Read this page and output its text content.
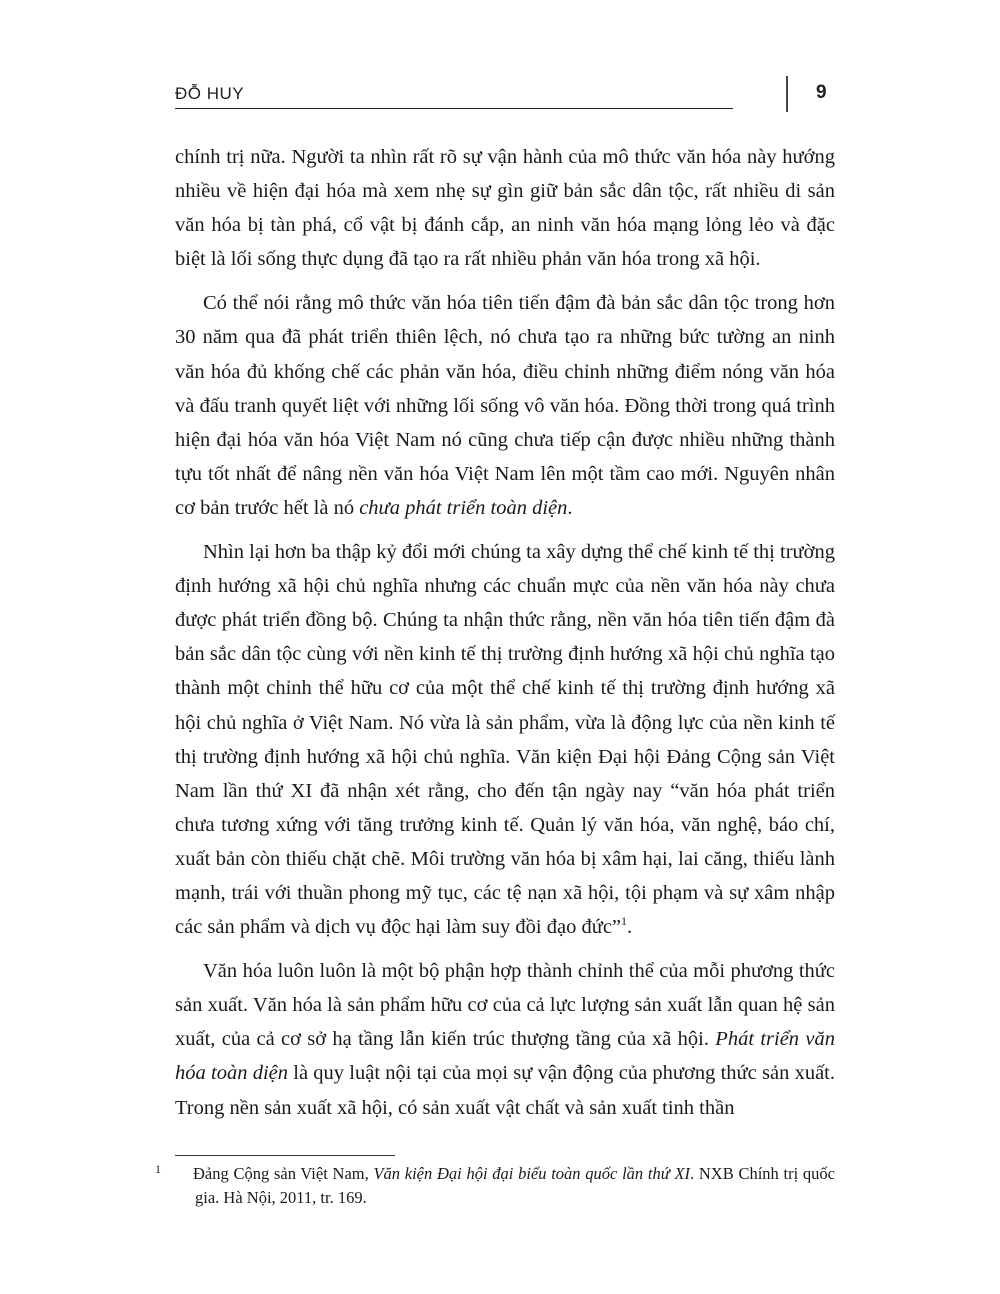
ĐỖ HUY	9

chính trị nữa. Người ta nhìn rất rõ sự vận hành của mô thức văn hóa này hướng nhiều về hiện đại hóa mà xem nhẹ sự gìn giữ bản sắc dân tộc, rất nhiều di sản văn hóa bị tàn phá, cổ vật bị đánh cắp, an ninh văn hóa mạng lỏng lẻo và đặc biệt là lối sống thực dụng đã tạo ra rất nhiều phản văn hóa trong xã hội.

Có thể nói rằng mô thức văn hóa tiên tiến đậm đà bản sắc dân tộc trong hơn 30 năm qua đã phát triển thiên lệch, nó chưa tạo ra những bức tường an ninh văn hóa đủ khống chế các phản văn hóa, điều chỉnh những điểm nóng văn hóa và đấu tranh quyết liệt với những lối sống vô văn hóa. Đồng thời trong quá trình hiện đại hóa văn hóa Việt Nam nó cũng chưa tiếp cận được nhiều những thành tựu tốt nhất để nâng nền văn hóa Việt Nam lên một tầm cao mới. Nguyên nhân cơ bản trước hết là nó chưa phát triển toàn diện.

Nhìn lại hơn ba thập kỷ đổi mới chúng ta xây dựng thể chế kinh tế thị trường định hướng xã hội chủ nghĩa nhưng các chuẩn mực của nền văn hóa này chưa được phát triển đồng bộ. Chúng ta nhận thức rằng, nền văn hóa tiên tiến đậm đà bản sắc dân tộc cùng với nền kinh tế thị trường định hướng xã hội chủ nghĩa tạo thành một chỉnh thể hữu cơ của một thể chế kinh tế thị trường định hướng xã hội chủ nghĩa ở Việt Nam. Nó vừa là sản phẩm, vừa là động lực của nền kinh tế thị trường định hướng xã hội chủ nghĩa. Văn kiện Đại hội Đảng Cộng sản Việt Nam lần thứ XI đã nhận xét rằng, cho đến tận ngày nay “văn hóa phát triển chưa tương xứng với tăng trưởng kinh tế. Quản lý văn hóa, văn nghệ, báo chí, xuất bản còn thiếu chặt chẽ. Môi trường văn hóa bị xâm hại, lai căng, thiếu lành mạnh, trái với thuần phong mỹ tục, các tệ nạn xã hội, tội phạm và sự xâm nhập các sản phẩm và dịch vụ độc hại làm suy đồi đạo đức”$^1$.

Văn hóa luôn luôn là một bộ phận hợp thành chỉnh thể của mỗi phương thức sản xuất. Văn hóa là sản phẩm hữu cơ của cả lực lượng sản xuất lẫn quan hệ sản xuất, của cả cơ sở hạ tầng lẫn kiến trúc thượng tầng của xã hội. Phát triển văn hóa toàn diện là quy luật nội tại của mọi sự vận động của phương thức sản xuất. Trong nền sản xuất xã hội, có sản xuất vật chất và sản xuất tinh thần

1 Đảng Cộng sản Việt Nam, Văn kiện Đại hội đại biểu toàn quốc lần thứ XI. NXB Chính trị quốc gia. Hà Nội, 2011, tr. 169.
